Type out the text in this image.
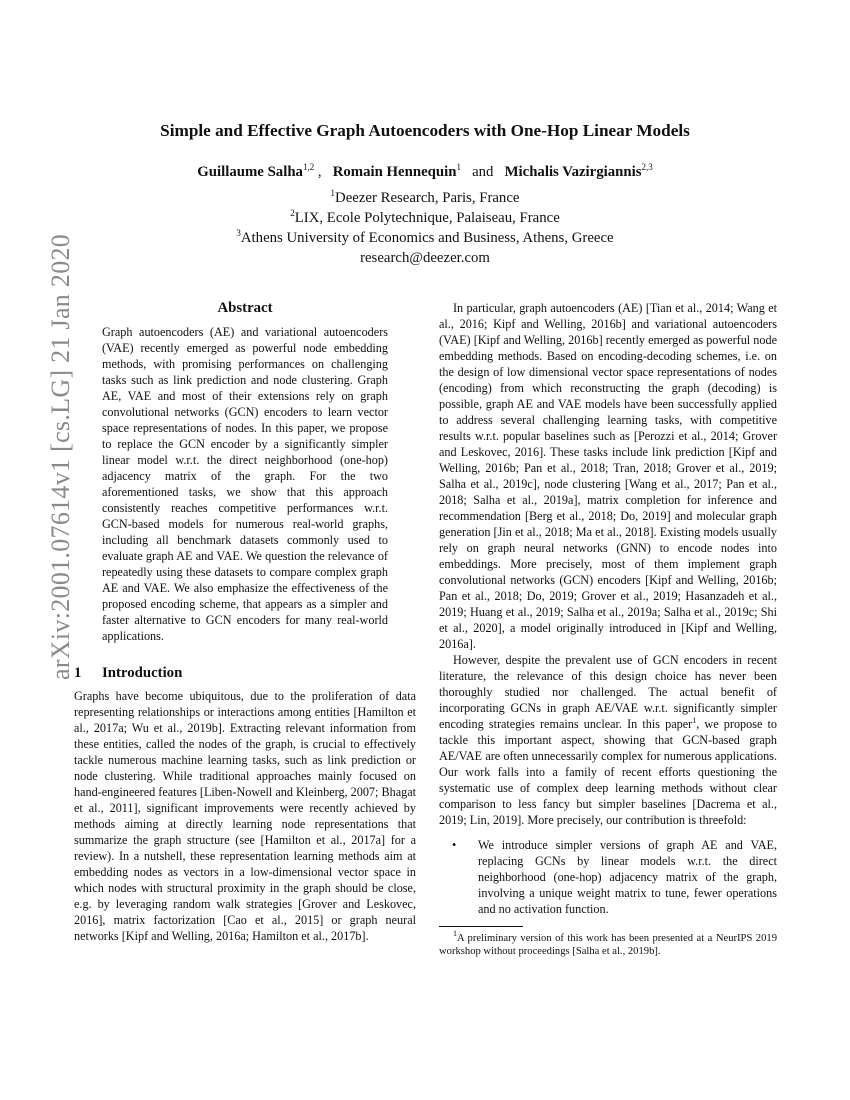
arXiv:2001.07614v1 [cs.LG] 21 Jan 2020
Simple and Effective Graph Autoencoders with One-Hop Linear Models
Guillaume Salha$^{1,2}$ ,   Romain Hennequin$^1$ and Michalis Vazirgiannis$^{2,3}$
$^1$Deezer Research, Paris, France
$^2$LIX, Ecole Polytechnique, Palaiseau, France
$^3$Athens University of Economics and Business, Athens, Greece
research@deezer.com
Abstract

Graph autoencoders (AE) and variational autoencoders (VAE) recently emerged as powerful node embedding methods, with promising performances on challenging tasks such as link prediction and node clustering. Graph AE, VAE and most of their extensions rely on graph convolutional networks (GCN) encoders to learn vector space representations of nodes. In this paper, we propose to replace the GCN encoder by a significantly simpler linear model w.r.t. the direct neighborhood (one-hop) adjacency matrix of the graph. For the two aforementioned tasks, we show that this approach consistently reaches competitive performances w.r.t. GCN-based models for numerous real-world graphs, including all benchmark datasets commonly used to evaluate graph AE and VAE. We question the relevance of repeatedly using these datasets to compare complex graph AE and VAE. We also emphasize the effectiveness of the proposed encoding scheme, that appears as a simpler and faster alternative to GCN encoders for many real-world applications.

1 Introduction

Graphs have become ubiquitous, due to the proliferation of data representing relationships or interactions among entities [Hamilton et al., 2017a; Wu et al., 2019b]. Extracting relevant information from these entities, called the nodes of the graph, is crucial to effectively tackle numerous machine learning tasks, such as link prediction or node clustering. While traditional approaches mainly focused on hand-engineered features [Liben-Nowell and Kleinberg, 2007; Bhagat et al., 2011], significant improvements were recently achieved by methods aiming at directly learning node representations that summarize the graph structure (see [Hamilton et al., 2017a] for a review). In a nutshell, these representation learning methods aim at embedding nodes as vectors in a low-dimensional vector space in which nodes with structural proximity in the graph should be close, e.g. by leveraging random walk strategies [Grover and Leskovec, 2016], matrix factorization [Cao et al., 2015] or graph neural networks [Kipf and Welling, 2016a; Hamilton et al., 2017b].

In particular, graph autoencoders (AE) [Tian et al., 2014; Wang et al., 2016; Kipf and Welling, 2016b] and variational autoencoders (VAE) [Kipf and Welling, 2016b] recently emerged as powerful node embedding methods. Based on encoding-decoding schemes, i.e. on the design of low dimensional vector space representations of nodes (encoding) from which reconstructing the graph (decoding) is possible, graph AE and VAE models have been successfully applied to address several challenging learning tasks, with competitive results w.r.t. popular baselines such as [Perozzi et al., 2014; Grover and Leskovec, 2016]. These tasks include link prediction [Kipf and Welling, 2016b; Pan et al., 2018; Tran, 2018; Grover et al., 2019; Salha et al., 2019c], node clustering [Wang et al., 2017; Pan et al., 2018; Salha et al., 2019a], matrix completion for inference and recommendation [Berg et al., 2018; Do, 2019] and molecular graph generation [Jin et al., 2018; Ma et al., 2018]. Existing models usually rely on graph neural networks (GNN) to encode nodes into embeddings. More precisely, most of them implement graph convolutional networks (GCN) encoders [Kipf and Welling, 2016b; Pan et al., 2018; Do, 2019; Grover et al., 2019; Hasanzadeh et al., 2019; Huang et al., 2019; Salha et al., 2019a; Salha et al., 2019c; Shi et al., 2020], a model originally introduced in [Kipf and Welling, 2016a].

However, despite the prevalent use of GCN encoders in recent literature, the relevance of this design choice has never been thoroughly studied nor challenged. The actual benefit of incorporating GCNs in graph AE/VAE w.r.t. significantly simpler encoding strategies remains unclear. In this paper$^1$, we propose to tackle this important aspect, showing that GCN-based graph AE/VAE are often unnecessarily complex for numerous applications. Our work falls into a family of recent efforts questioning the systematic use of complex deep learning methods without clear comparison to less fancy but simpler baselines [Dacrema et al., 2019; Lin, 2019]. More precisely, our contribution is threefold:

•	We introduce simpler versions of graph AE and VAE, replacing GCNs by linear models w.r.t. the direct neighborhood (one-hop) adjacency matrix of the graph, involving a unique weight matrix to tune, fewer operations and no activation function.

$^1$A preliminary version of this work has been presented at a NeurIPS 2019 workshop without proceedings [Salha et al., 2019b].
